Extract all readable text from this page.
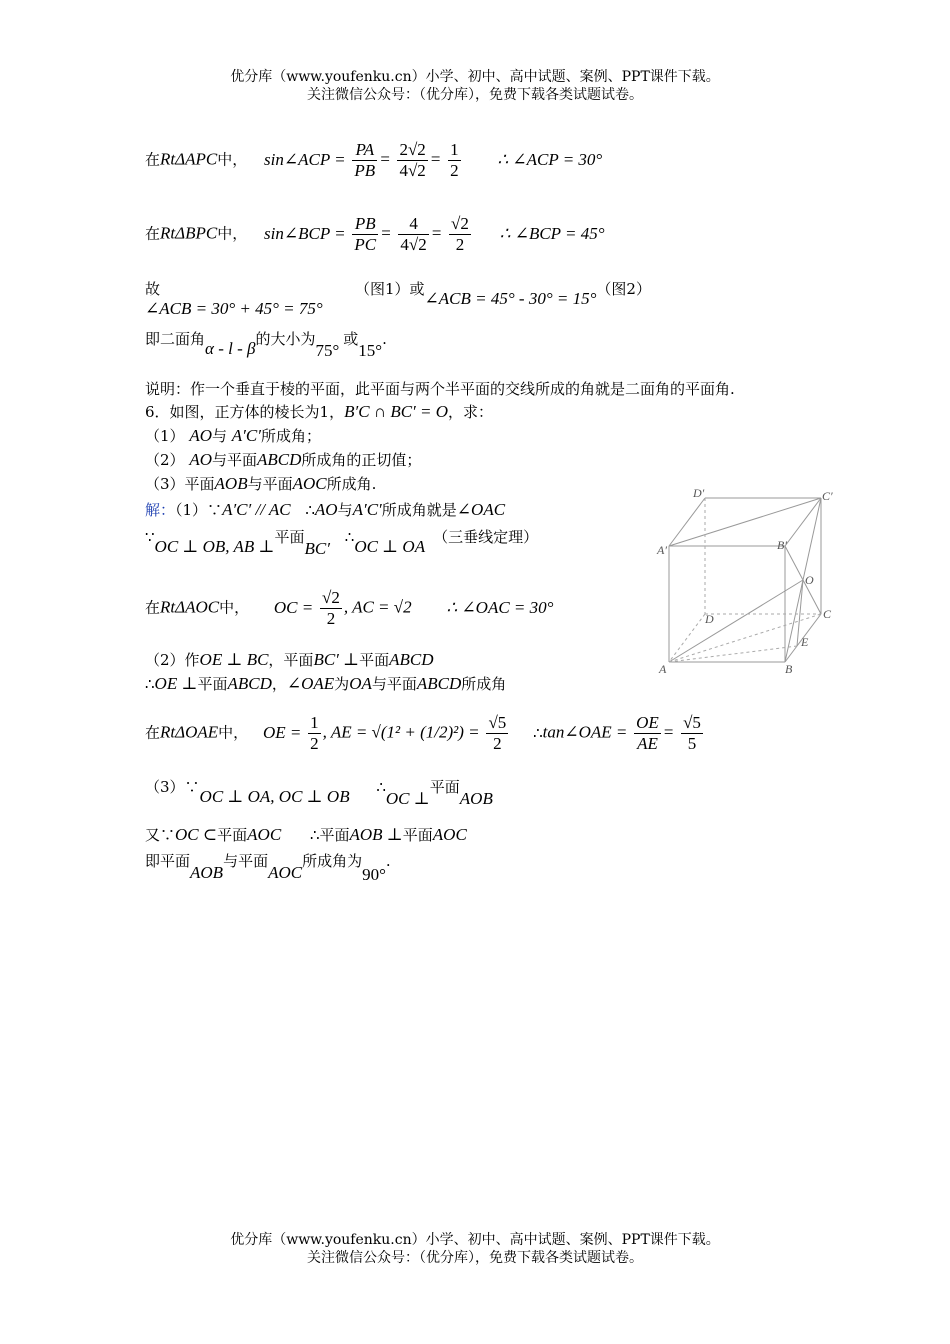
优分库（www.youfenku.cn）小学、初中、高中试题、案例、PPT课件下载。
关注微信公众号：（优分库），免费下载各类试题试卷。
在RtΔAPC中， sin∠ACP = $\frac{PA}{PB} = \frac{2√2}{4√2} = \frac{1}{2}$ ∴ ∠ACP = 30°
在RtΔBPC中， sin∠BCP = $\frac{PB}{PC} = \frac{4}{4√2} = \frac{√2}{2}$ ∴ ∠BCP = 45°
故
∠ACB = 30° + 45° = 75°
（图1）或∠ACB = 45° - 30° = 15°（图2）
即二面角α - l - β的大小为75°或15°.
说明：作一个垂直于棱的平面，此平面与两个半平面的交线所成的角就是二面角的平面角.
6．如图，正方体的棱长为1，B′C ∩ BC′ = O，求：
（1） AO与 A′C′所成角；
（2） AO与平面ABCD所成角的正切值；
（3）平面AOB与平面AOC所成角.
解：（1）∵A′C′ // AC ∴AO与A′C′所成角就是∠OAC
∵OC ⊥ OB, AB ⊥平面BC′ ∴OC ⊥ OA （三垂线定理）
在RtΔAOC中， OC = $\frac{√2}{2}$ , AC = √2 ∴ ∠OAC = 30°
（2）作OE ⊥ BC，平面BC′ ⊥平面ABCD
∴OE ⊥平面ABCD，∠OAE为OA与平面ABCD所成角
在RtΔOAE中， OE = $\frac{1}{2}$ , AE = $√(1^2 + (1/2)^2) = \frac{√5}{2}$ ∴tan∠OAE = $\frac{OE}{AE} = \frac{√5}{5}$
（3）∵OC ⊥ OA, OC ⊥ OB ∴OC ⊥平面AOB
又∵OC ⊂平面AOC ∴平面AOB ⊥平面AOC
即平面AOB与平面AOC所成角为90°.
A′
D′	C′
B′
O
D	C
E
A	B
优分库（www.youfenku.cn）小学、初中、高中试题、案例、PPT课件下载。
关注微信公众号：（优分库），免费下载各类试题试卷。
